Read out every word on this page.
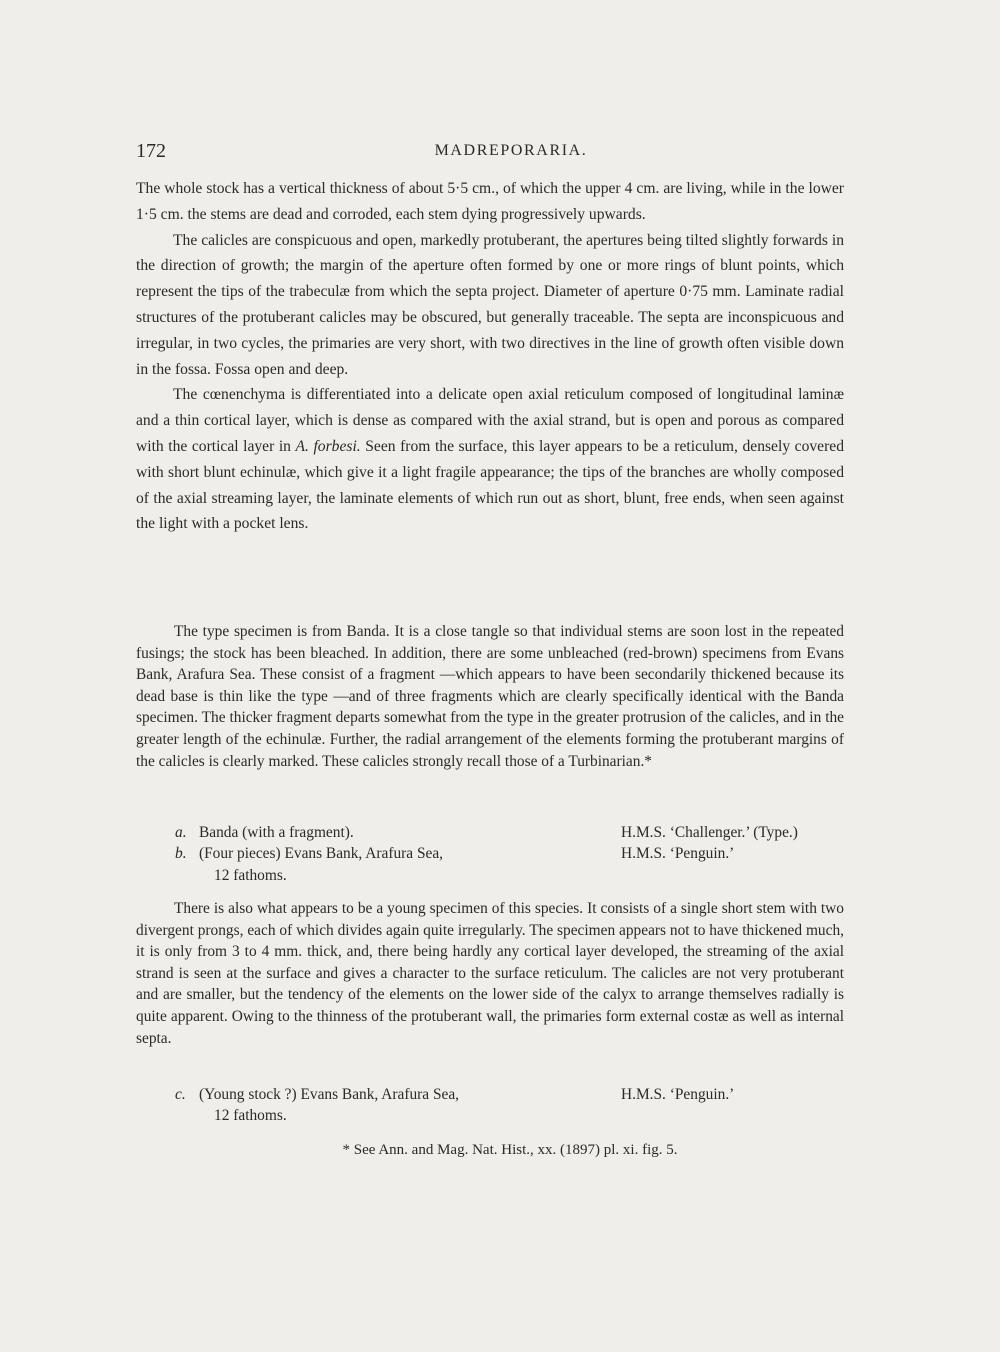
172	MADREPORARIA.

The whole stock has a vertical thickness of about 5·5 cm., of which the upper 4 cm. are living, while in the lower 1·5 cm. the stems are dead and corroded, each stem dying progressively upwards.

The calicles are conspicuous and open, markedly protuberant, the apertures being tilted slightly forwards in the direction of growth; the margin of the aperture often formed by one or more rings of blunt points, which represent the tips of the trabeculæ from which the septa project. Diameter of aperture 0·75 mm. Laminate radial structures of the protuberant calicles may be obscured, but generally traceable. The septa are inconspicuous and irregular, in two cycles, the primaries are very short, with two directives in the line of growth often visible down in the fossa. Fossa open and deep.

The cœnenchyma is differentiated into a delicate open axial reticulum composed of longitudinal laminæ and a thin cortical layer, which is dense as compared with the axial strand, but is open and porous as compared with the cortical layer in A. forbesi. Seen from the surface, this layer appears to be a reticulum, densely covered with short blunt echinulæ, which give it a light fragile appearance; the tips of the branches are wholly composed of the axial streaming layer, the laminate elements of which run out as short, blunt, free ends, when seen against the light with a pocket lens.

The type specimen is from Banda. It is a close tangle so that individual stems are soon lost in the repeated fusings; the stock has been bleached. In addition, there are some unbleached (red-brown) specimens from Evans Bank, Arafura Sea. These consist of a fragment —which appears to have been secondarily thickened because its dead base is thin like the type —and of three fragments which are clearly specifically identical with the Banda specimen. The thicker fragment departs somewhat from the type in the greater protrusion of the calicles, and in the greater length of the echinulæ. Further, the radial arrangement of the elements forming the protuberant margins of the calicles is clearly marked. These calicles strongly recall those of a Turbinarian.*

a. Banda (with a fragment).	H.M.S. ‘Challenger.’ (Type.)
b. (Four pieces) Evans Bank, Arafura Sea,	H.M.S. ‘Penguin.’
12 fathoms.

There is also what appears to be a young specimen of this species. It consists of a single short stem with two divergent prongs, each of which divides again quite irregularly. The specimen appears not to have thickened much, it is only from 3 to 4 mm. thick, and, there being hardly any cortical layer developed, the streaming of the axial strand is seen at the surface and gives a character to the surface reticulum. The calicles are not very protuberant and are smaller, but the tendency of the elements on the lower side of the calyx to arrange themselves radially is quite apparent. Owing to the thinness of the protuberant wall, the primaries form external costæ as well as internal septa.

c. (Young stock ?) Evans Bank, Arafura Sea,	H.M.S. ‘Penguin.’
12 fathoms.
* See Ann. and Mag. Nat. Hist., xx. (1897) pl. xi. fig. 5.
